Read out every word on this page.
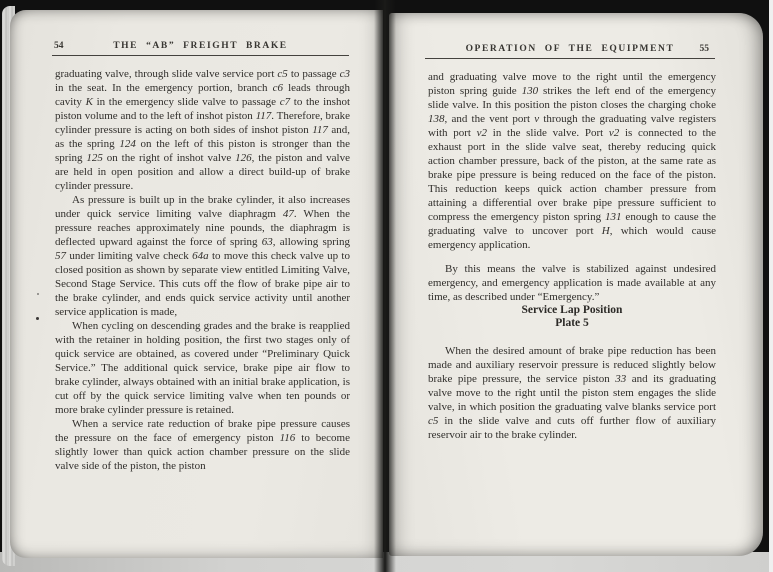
54	THE “AB” FREIGHT BRAKE

graduating valve, through slide valve service port c5 to passage c3 in the seat. In the emergency portion, branch c6 leads through cavity K in the emergency slide valve to passage c7 to the inshot piston volume and to the left of inshot piston 117. Therefore, brake cylinder pressure is acting on both sides of inshot piston 117 and, as the spring 124 on the left of this piston is stronger than the spring 125 on the right of inshot valve 126, the piston and valve are held in open position and allow a direct build-up of brake cylinder pressure.

As pressure is built up in the brake cylinder, it also increases under quick service limiting valve diaphragm 47. When the pressure reaches approximately nine pounds, the diaphragm is deflected upward against the force of spring 63, allowing spring 57 under limiting valve check 64a to move this check valve up to closed position as shown by separate view entitled Limiting Valve, Second Stage Service. This cuts off the flow of brake pipe air to the brake cylinder, and ends quick service activity until another service application is made,

When cycling on descending grades and the brake is reapplied with the retainer in holding position, the first two stages only of quick service are obtained, as covered under “Preliminary Quick Service.” The additional quick service, brake pipe air flow to brake cylinder, always obtained with an initial brake application, is cut off by the quick service limiting valve when ten pounds or more brake cylinder pressure is retained.

When a service rate reduction of brake pipe pressure causes the pressure on the face of emergency piston 116 to become slightly lower than quick action chamber pressure on the slide valve side of the piston, the piston

OPERATION OF THE EQUIPMENT	55

and graduating valve move to the right until the emergency piston spring guide 130 strikes the left end of the emergency slide valve. In this position the piston closes the charging choke 138, and the vent port v through the graduating valve registers with port v2 in the slide valve. Port v2 is connected to the exhaust port in the slide valve seat, thereby reducing quick action chamber pressure, back of the piston, at the same rate as brake pipe pressure is being reduced on the face of the piston. This reduction keeps quick action chamber pressure from attaining a differential over brake pipe pressure sufficient to compress the emergency piston spring 131 enough to cause the graduating valve to uncover port H, which would cause emergency application.

By this means the valve is stabilized against undesired emergency, and emergency application is made available at any time, as described under “Emergency.”

Service Lap Position

Plate 5

When the desired amount of brake pipe reduction has been made and auxiliary reservoir pressure is reduced slightly below brake pipe pressure, the service piston 33 and its graduating valve move to the right until the piston stem engages the slide valve, in which position the graduating valve blanks service port c5 in the slide valve and cuts off further flow of auxiliary reservoir air to the brake cylinder.
